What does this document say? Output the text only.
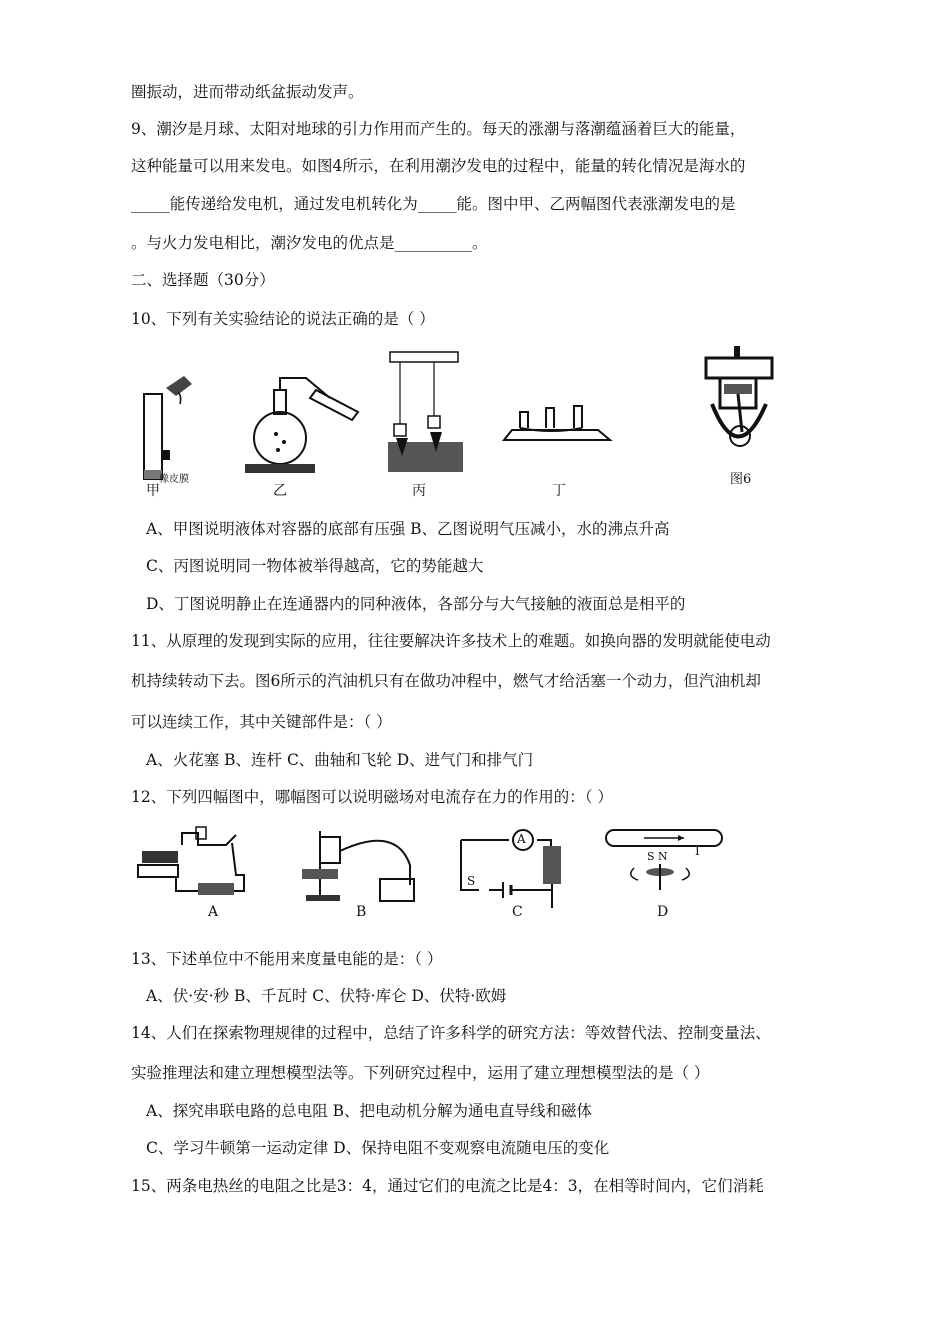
圈振动，进而带动纸盆振动发声。
9、潮汐是月球、太阳对地球的引力作用而产生的。每天的涨潮与落潮蕴涵着巨大的能量，
这种能量可以用来发电。如图4所示，在利用潮汐发电的过程中，能量的转化情况是海水的
_____能传递给发电机，通过发电机转化为_____能。图中甲、乙两幅图代表涨潮发电的是
。与火力发电相比，潮汐发电的优点是__________。
二、选择题（30分）
10、下列有关实验结论的说法正确的是（ ）
橡皮膜
甲	乙	丙	丁
图6
A、甲图说明液体对容器的底部有压强 B、乙图说明气压减小，水的沸点升高
C、丙图说明同一物体被举得越高，它的势能越大
D、丁图说明静止在连通器内的同种液体，各部分与大气接触的液面总是相平的
11、从原理的发现到实际的应用，往往要解决许多技术上的难题。如换向器的发明就能使电动
机持续转动下去。图6所示的汽油机只有在做功冲程中，燃气才给活塞一个动力，但汽油机却
可以连续工作，其中关键部件是：（ ）
A、火花塞 B、连杆 C、曲轴和飞轮 D、进气门和排气门
12、下列四幅图中，哪幅图可以说明磁场对电流存在力的作用的：（ ）
A	B
A
S
C
S N I
D
13、下述单位中不能用来度量电能的是：（ ）
A、伏·安·秒 B、千瓦时 C、伏特·库仑 D、伏特·欧姆
14、人们在探索物理规律的过程中，总结了许多科学的研究方法：等效替代法、控制变量法、
实验推理法和建立理想模型法等。下列研究过程中，运用了建立理想模型法的是（ ）
A、探究串联电路的总电阻 B、把电动机分解为通电直导线和磁体
C、学习牛顿第一运动定律 D、保持电阻不变观察电流随电压的变化
15、两条电热丝的电阻之比是3：4，通过它们的电流之比是4：3，在相等时间内，它们消耗
